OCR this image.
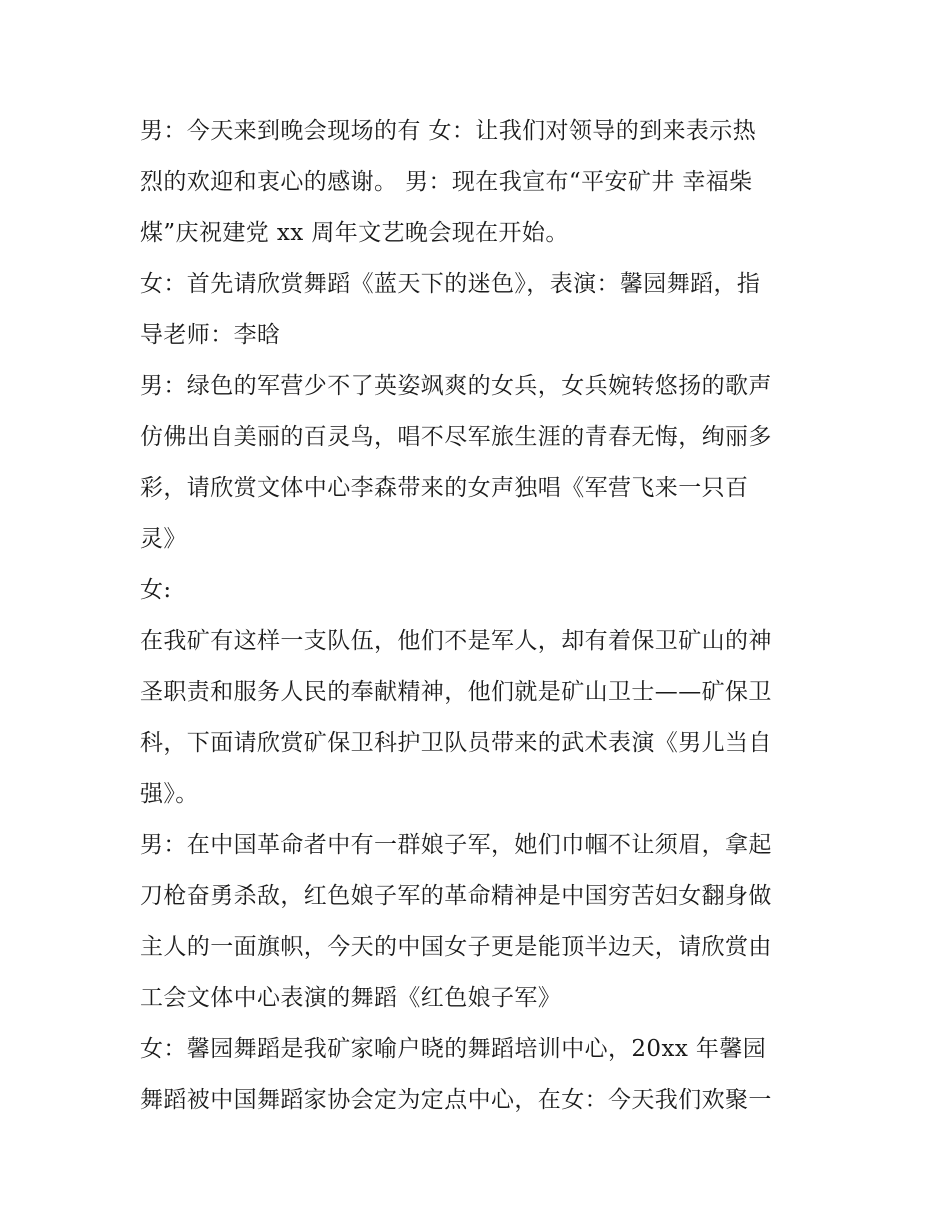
男：今天来到晚会现场的有 女：让我们对领导的到来表示热
烈的欢迎和衷心的感谢。 男：现在我宣布“平安矿井 幸福柴
煤”庆祝建党 xx 周年文艺晚会现在开始。
女：首先请欣赏舞蹈《蓝天下的迷色》，表演：馨园舞蹈，指
导老师：李晗
男：绿色的军营少不了英姿飒爽的女兵，女兵婉转悠扬的歌声
仿佛出自美丽的百灵鸟，唱不尽军旅生涯的青春无悔，绚丽多
彩，请欣赏文体中心李森带来的女声独唱《军营飞来一只百
灵》
女:
在我矿有这样一支队伍，他们不是军人，却有着保卫矿山的神
圣职责和服务人民的奉献精神，他们就是矿山卫士——矿保卫
科，下面请欣赏矿保卫科护卫队员带来的武术表演《男儿当自
强》。
男：在中国革命者中有一群娘子军，她们巾帼不让须眉，拿起
刀枪奋勇杀敌，红色娘子军的革命精神是中国穷苦妇女翻身做
主人的一面旗帜，今天的中国女子更是能顶半边天，请欣赏由
工会文体中心表演的舞蹈《红色娘子军》
女：馨园舞蹈是我矿家喻户晓的舞蹈培训中心，20xx 年馨园
舞蹈被中国舞蹈家协会定为定点中心，在女：今天我们欢聚一
